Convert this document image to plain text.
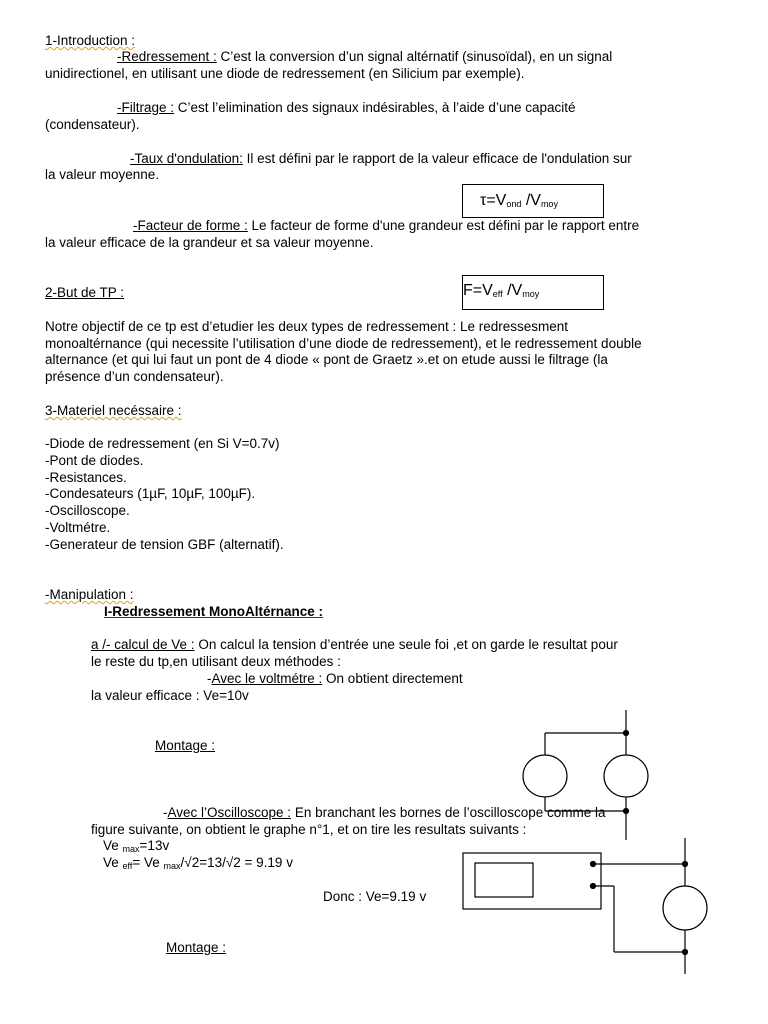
1-Introduction :
-Redressement : C’est la conversion d’un signal altérnatif (sinusoïdal), en un signal
unidirectionel, en utilisant une diode de redressement (en Silicium par exemple).
-Filtrage : C’est l’elimination des signaux indésirables, à l’aide d’une capacité
(condensateur).
-Taux d'ondulation: Il est défini par le rapport de la valeur efficace de l'ondulation sur
la valeur moyenne.
$\tau=V_{ond}$ $/V_{moy}$
-Facteur de forme : Le facteur de forme d'une grandeur est défini par le rapport entre
la valeur efficace de la grandeur et sa valeur moyenne.
2-But de TP :	$F=V_{eff}$ $/V_{moy}$
Notre objectif de ce tp est d’etudier les deux types de redressement : Le redressesment
monoaltérnance (qui necessite l’utilisation d’une diode de redressement), et le redressement double
alternance (et qui lui faut un pont de 4 diode « pont de Graetz ».et on etude aussi le filtrage (la
présence d’un condensateur).
3-Materiel necéssaire :
-Diode de redressement (en Si V=0.7v)
-Pont de diodes.
-Resistances.
-Condesateurs (1µF, 10µF, 100µF).
-Oscilloscope.
-Voltmétre.
-Generateur de tension GBF (alternatif).
-Manipulation :
I-Redressement MonoAltérnance :
a /- calcul de Ve : On calcul la tension d’entrée une seule foi ,et on garde le resultat pour
le reste du tp,en utilisant deux méthodes :
-Avec le voltmétre : On obtient directement
la valeur efficace : Ve=10v
Montage :
-Avec l’Oscilloscope : En branchant les bornes de l’oscilloscope comme la
figure suivante, on obtient le graphe n°1, et on tire les resultats suivants :
Ve $_{max}$=13v
Ve $_{eff}$= Ve $_{max}$/√2=13/√2 = 9.19 v
Donc : Ve=9.19 v
Montage :
